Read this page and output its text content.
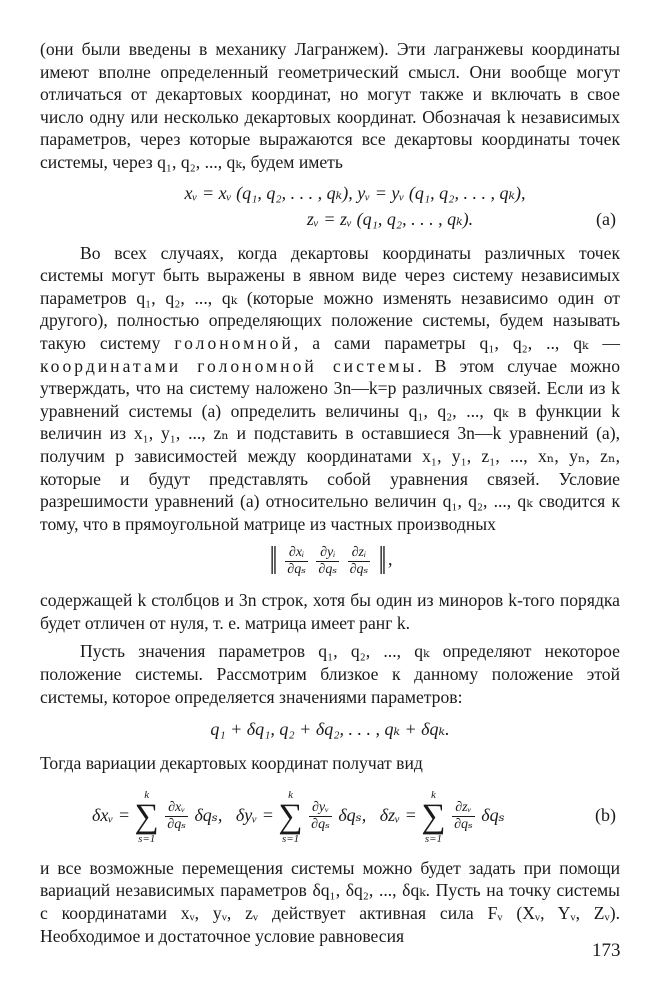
(они были введены в механику Лагранжем). Эти лагранжевы координаты имеют вполне определенный геометрический смысл. Они вообще могут отличаться от декартовых координат, но могут также и включать в свое число одну или несколько декартовых координат. Обозначая k независимых параметров, через которые выражаются все декартовы координаты точек системы, через q₁, q₂, ..., qₖ, будем иметь

xᵥ = xᵥ (q₁, q₂, . . . , qₖ), yᵥ = yᵥ (q₁, q₂, . . . , qₖ),
zᵥ = zᵥ (q₁, q₂, . . . , qₖ).	(a)

Во всех случаях, когда декартовы координаты различных точек системы могут быть выражены в явном виде через систему независимых параметров q₁, q₂, ..., qₖ (которые можно изменять независимо один от другого), полностью определяющих положение системы, будем называть такую систему голономной, а сами параметры q₁, q₂, .., qₖ —координатами голономной системы. В этом случае можно утверждать, что на систему наложено 3n—k=p различных связей. Если из k уравнений системы (a) определить величины q₁, q₂, ..., qₖ в функции k величин из x₁, y₁, ..., zₙ и подставить в оставшиеся 3n—k уравнений (a), получим p зависимостей между координатами x₁, y₁, z₁, ..., xₙ, yₙ, zₙ, которые и будут представлять собой уравнения связей. Условие разрешимости уравнений (a) относительно величин q₁, q₂, ..., qₖ сводится к тому, что в прямоугольной матрице из частных производных

‖ $\frac{\text{∂xᵢ}}{\text{∂qₛ}}$
$\frac{\text{∂yᵢ}}{\text{∂qₛ}}$
$\frac{\text{∂zᵢ}}{\text{∂qₛ}}$ ‖,

содержащей k столбцов и 3n строк, хотя бы один из миноров k-того порядка будет отличен от нуля, т. е. матрица имеет ранг k.

Пусть значения параметров q₁, q₂, ..., qₖ определяют некоторое положение системы. Рассмотрим близкое к данному положение этой системы, которое определяется значениями параметров:

q₁ + δq₁, q₂ + δq₂, . . . , qₖ + δqₖ.

Тогда вариации декартовых координат получат вид

δxᵥ =
k
∑
s=1

$\frac{\text{∂xᵥ}}{\text{∂qₛ}} \delta q_s$, δyᵥ =
k
∑
s=1

$\frac{\text{∂yᵥ}}{\text{∂qₛ}} \delta q_s$, δzᵥ =
k
∑
s=1

$\frac{\text{∂zᵥ}}{\text{∂qₛ}}$ δqₛ	(b)

и все возможные перемещения системы можно будет задать при помощи вариаций независимых параметров δq₁, δq₂, ..., δqₖ. Пусть на точку системы с координатами xᵥ, yᵥ, zᵥ действует активная сила Fᵥ (Xᵥ, Yᵥ, Zᵥ). Необходимое и достаточное условие равновесия

173
